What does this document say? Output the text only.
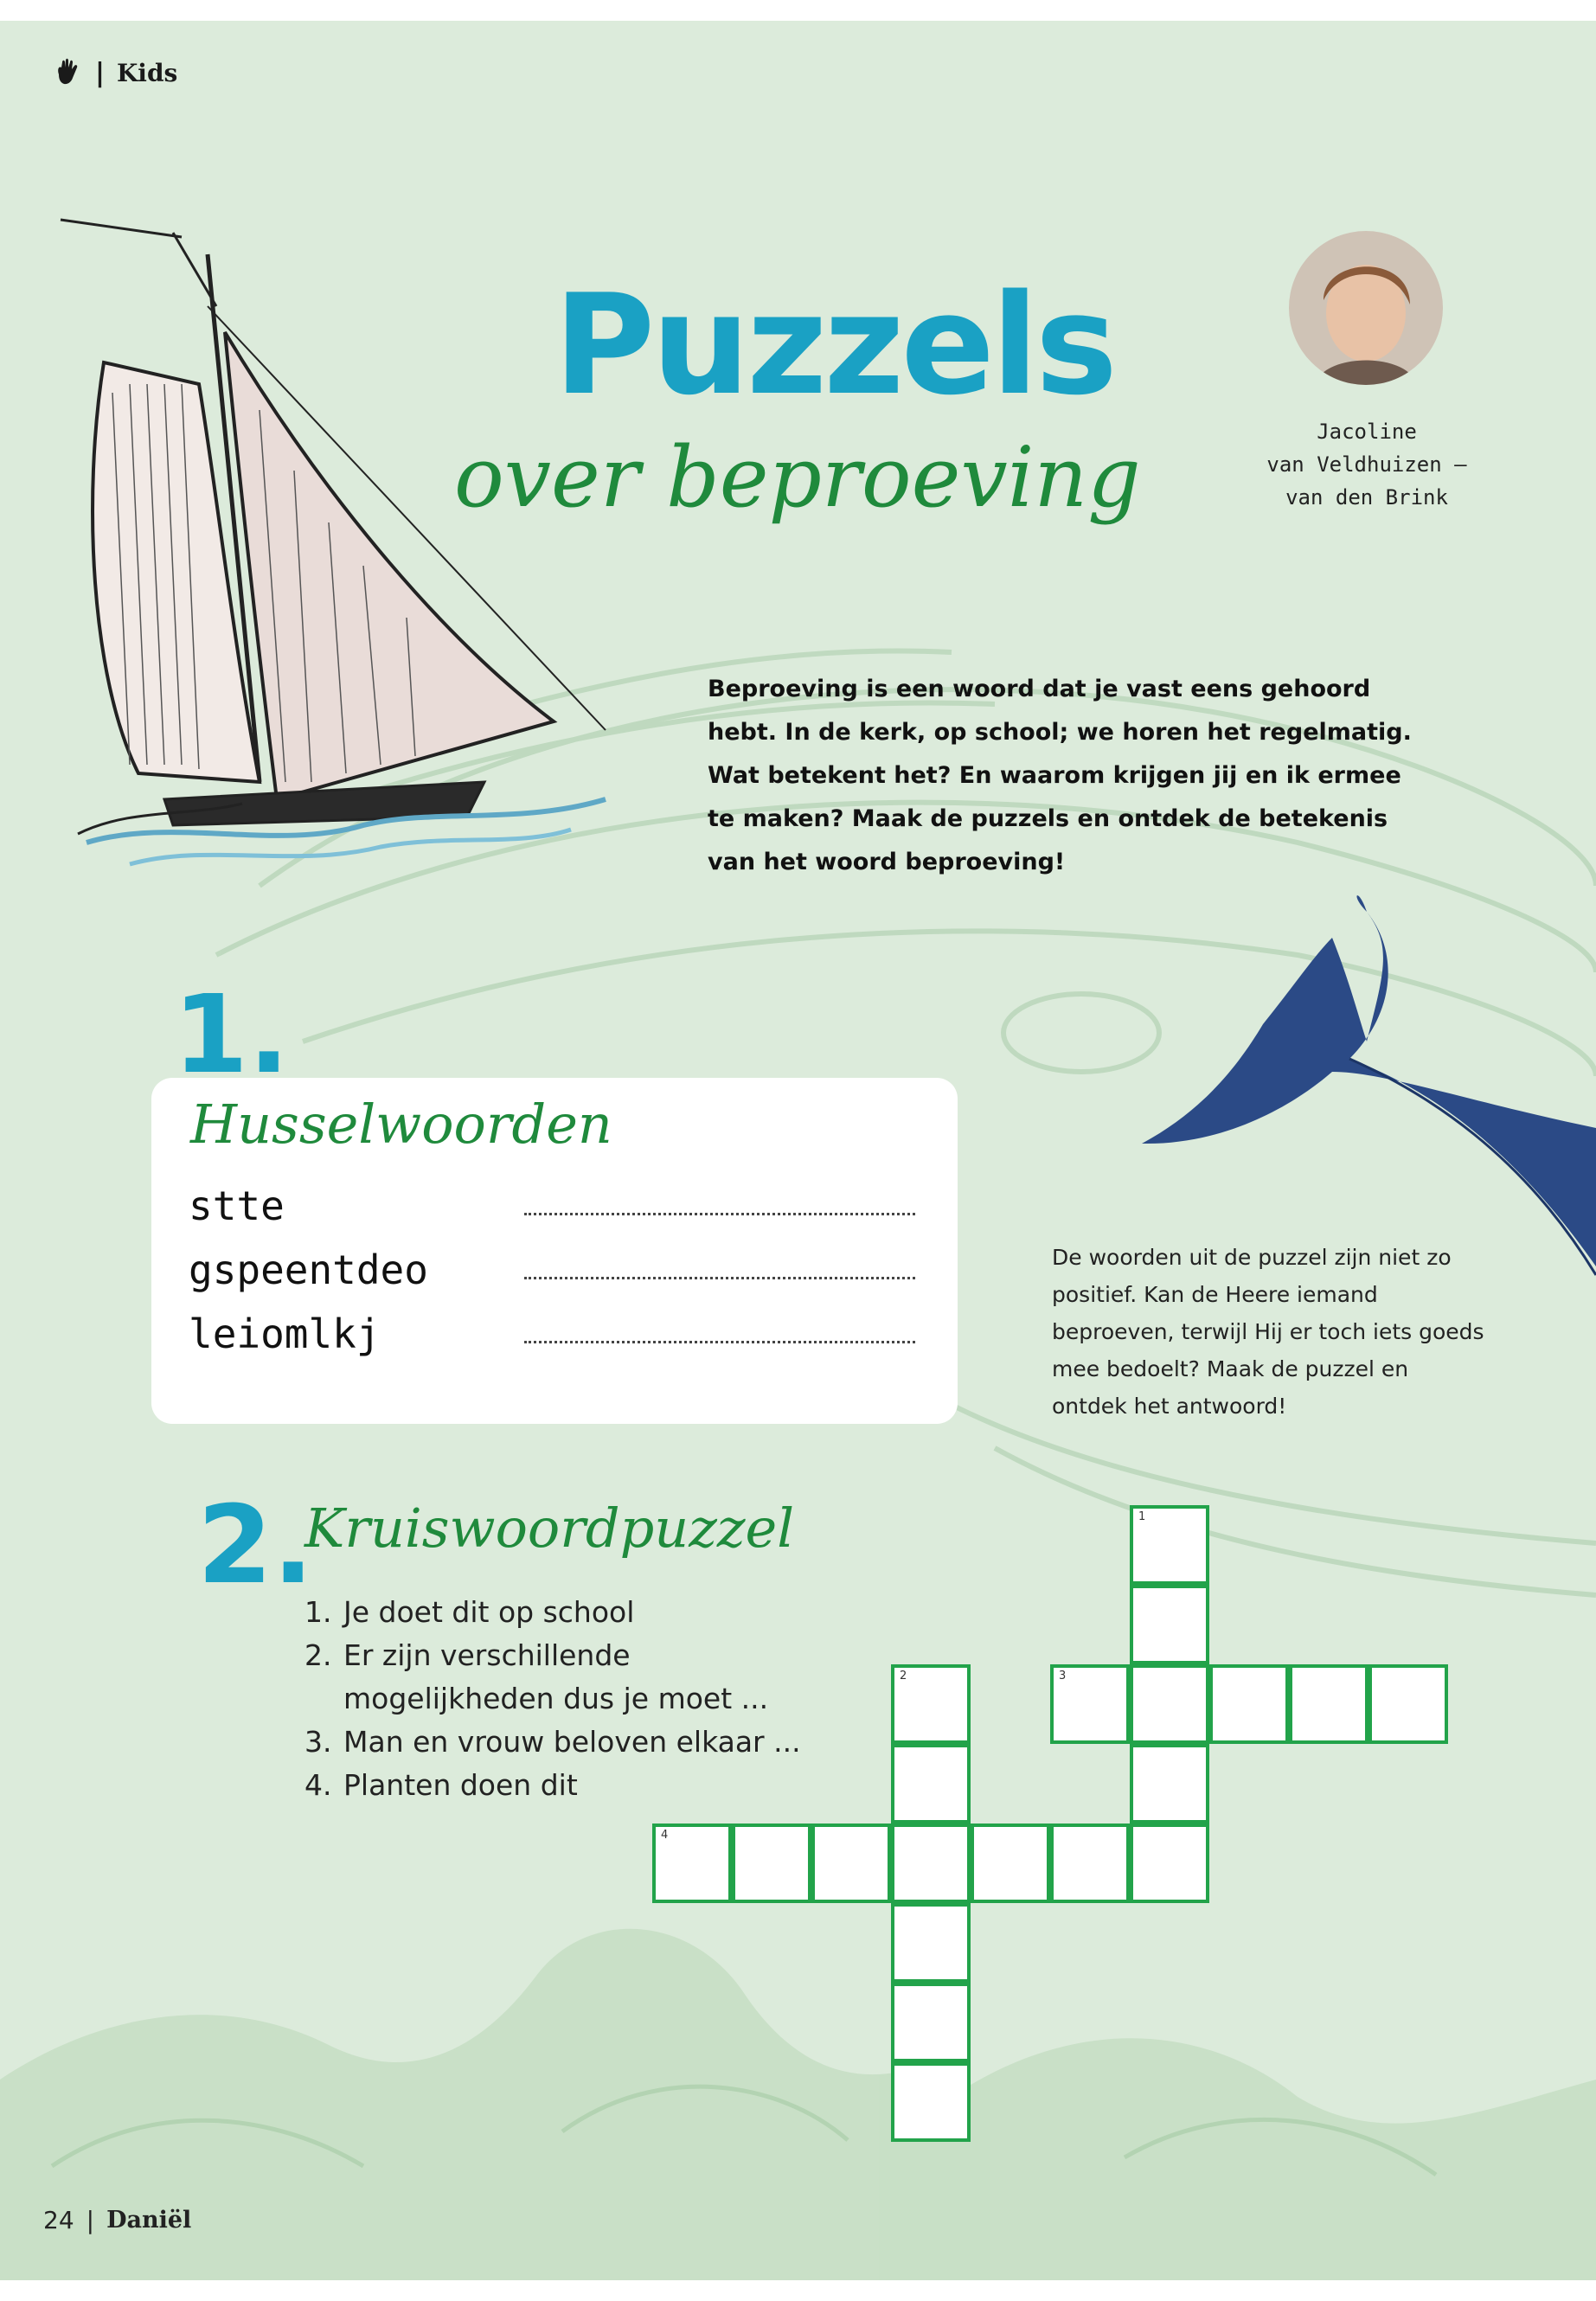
| Kids
Puzzels
over beproeving	Jacoline
van Veldhuizen –
van den Brink
Beproeving is een woord dat je vast eens gehoord hebt. In de kerk, op school; we horen het regelmatig. Wat betekent het? En waarom krijgen jij en ik ermee te maken? Maak de puzzels en ontdek de betekenis van het woord beproeving!
1.
Husselwoorden
stte
gspeentdeo
leiomlkj
De woorden uit de puzzel zijn niet zo positief. Kan de Heere iemand beproeven, terwijl Hij er toch iets goeds mee bedoelt? Maak de puzzel en ontdek het antwoord!
2.
Kruiswoordpuzzel
1. Je doet dit op school
2. Er zijn verschillende mogelijkheden dus je moet ...
3. Man en vrouw beloven elkaar ...
4. Planten doen dit
1
3
2
4
24 | Daniël
